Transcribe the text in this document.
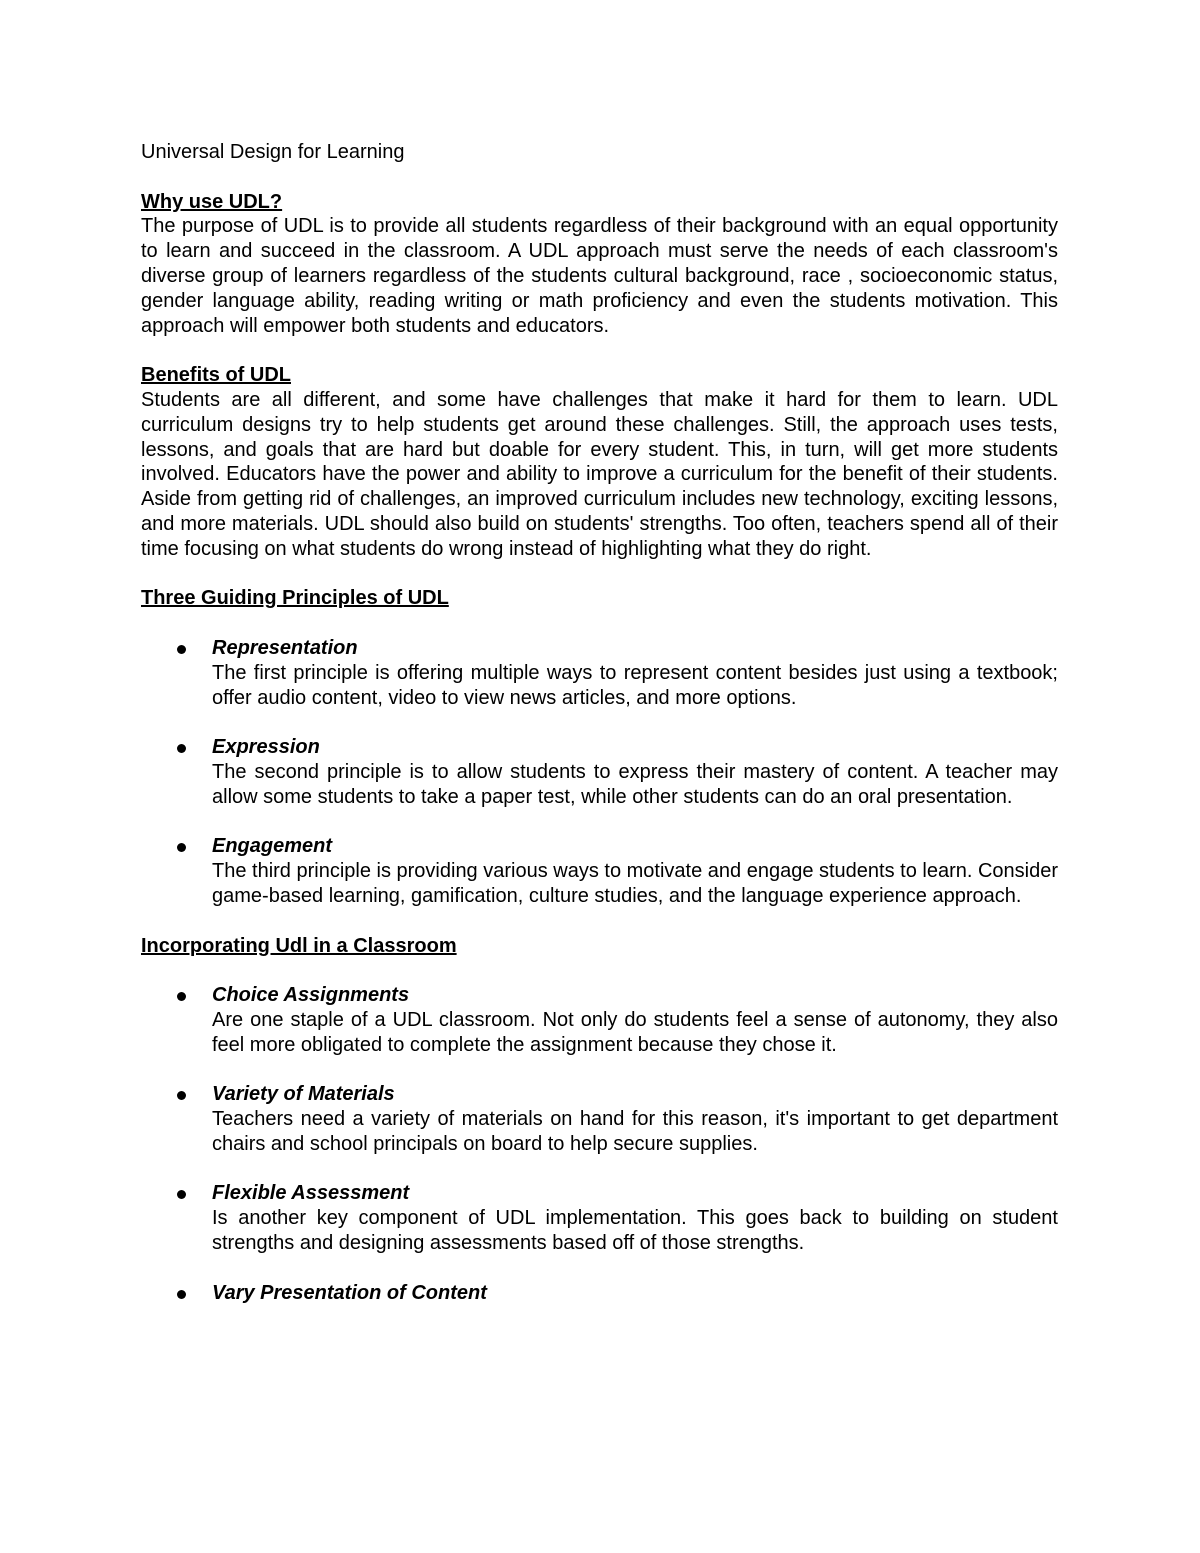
Universal Design for Learning

Why use UDL?

The purpose of UDL is to provide all students regardless of their background with an equal opportunity to learn and succeed in the classroom. A UDL approach must serve the needs of each classroom's diverse group of learners regardless of the students cultural background, race , socioeconomic status, gender language ability, reading writing or math proficiency and even the students motivation. This approach will empower both students and educators.

Benefits of UDL

Students are all different, and some have challenges that make it hard for them to learn. UDL curriculum designs try to help students get around these challenges. Still, the approach uses tests, lessons, and goals that are hard but doable for every student. This, in turn, will get more students involved. Educators have the power and ability to improve a curriculum for the benefit of their students. Aside from getting rid of challenges, an improved curriculum includes new technology, exciting lessons, and more materials. UDL should also build on students' strengths. Too often, teachers spend all of their time focusing on what students do wrong instead of highlighting what they do right.

Three Guiding Principles of UDL

Representation

The first principle is offering multiple ways to represent content besides just using a textbook; offer audio content, video to view news articles, and more options.

Expression

The second principle is to allow students to express their mastery of content. A teacher may allow some students to take a paper test, while other students can do an oral presentation.

Engagement

The third principle is providing various ways to motivate and engage students to learn. Consider game-based learning, gamification, culture studies, and the language experience approach.

Incorporating Udl in a Classroom

Choice Assignments

Are one staple of a UDL classroom. Not only do students feel a sense of autonomy, they also feel more obligated to complete the assignment because they chose it.

Variety of Materials

Teachers need a variety of materials on hand for this reason, it's important to get department chairs and school principals on board to help secure supplies.

Flexible Assessment

Is another key component of UDL implementation. This goes back to building on student strengths and designing assessments based off of those strengths.

Vary Presentation of Content
